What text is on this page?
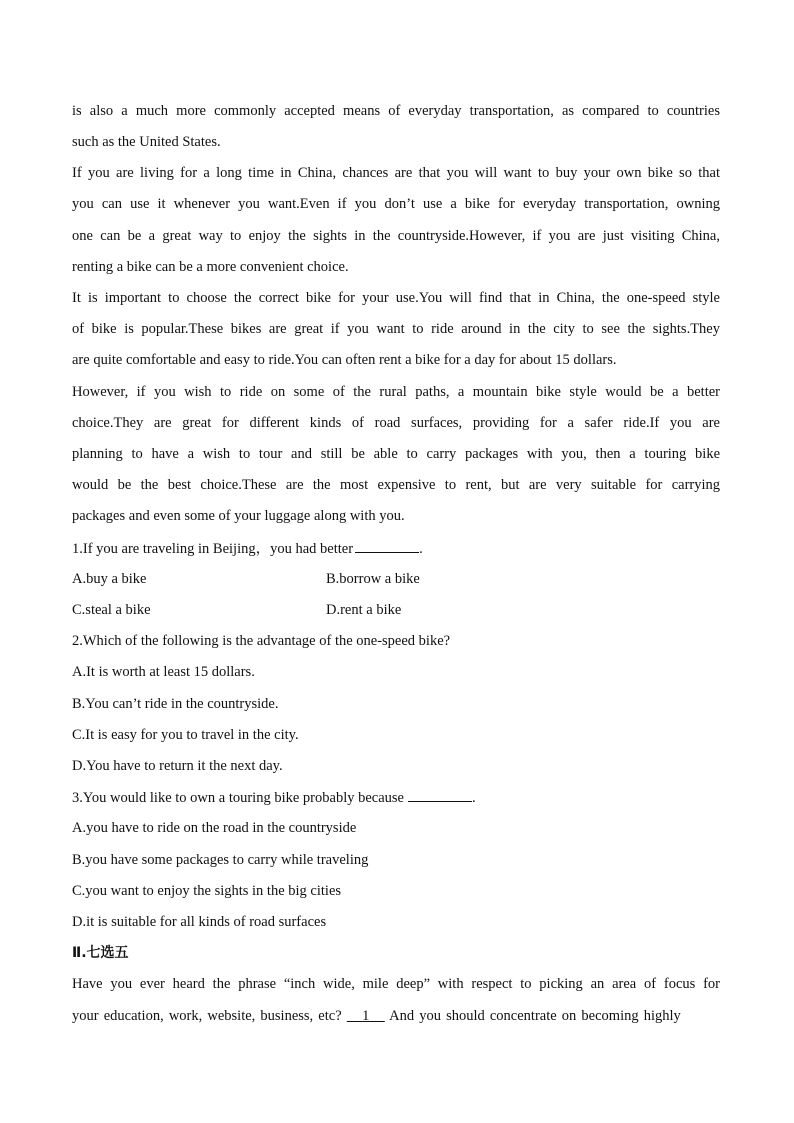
is also a much more commonly accepted means of everyday transportation, as compared to countries
such as the United States.
If you are living for a long time in China, chances are that you will want to buy your own bike so that
you can use it whenever you want.Even if you don’t use a bike for everyday transportation, owning
one can be a great way to enjoy the sights in the countryside.However, if you are just visiting China,
renting a bike can be a more convenient choice.
It is important to choose the correct bike for your use.You will find that in China, the one-speed style
of bike is popular.These bikes are great if you want to ride around in the city to see the sights.They
are quite comfortable and easy to ride.You can often rent a bike for a day for about 15 dollars.
However, if you wish to ride on some of the rural paths, a mountain bike style would be a better
choice.They are great for different kinds of road surfaces, providing for a safer ride.If you are
planning to have a wish to tour and still be able to carry packages with you, then a touring bike
would be the best choice.These are the most expensive to rent, but are very suitable for carrying
packages and even some of your luggage along with you.
1.If you are traveling in Beijing，you had better	.
A.buy a bike	B.borrow a bike
C.steal a bike	D.rent a bike
2.Which of the following is the advantage of the one-speed bike?
A.It is worth at least 15 dollars.
B.You can’t ride in the countryside.
C.It is easy for you to travel in the city.
D.You have to return it the next day.
3.You would like to own a touring bike probably because	.
A.you have to ride on the road in the countryside
B.you have some packages to carry while traveling
C.you want to enjoy the sights in the big cities
D.it is suitable for all kinds of road surfaces
Ⅱ.七选五
Have you ever heard the phrase “inch wide, mile deep” with respect to picking an area of focus for
your education, work, website, business, etc? 1 And you should concentrate on becoming highly
